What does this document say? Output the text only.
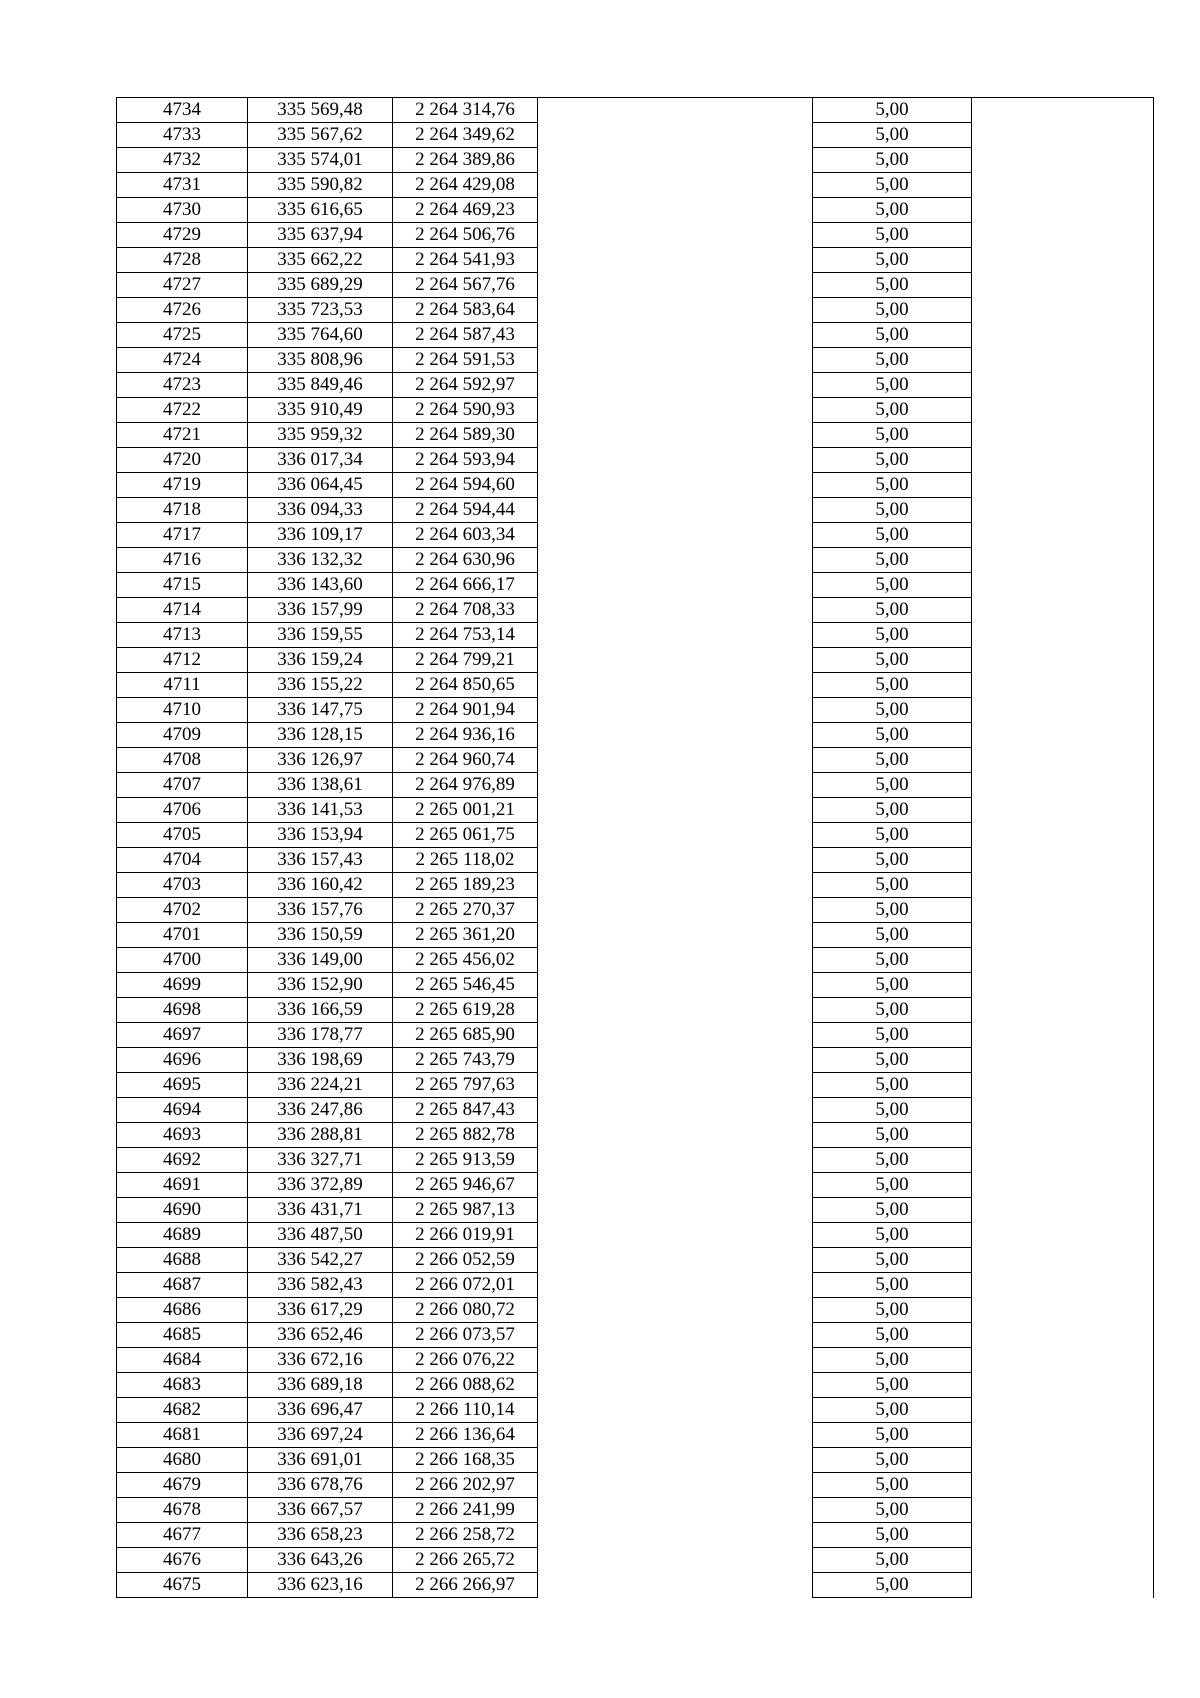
4734	335 569,48	2 264 314,76		5,00	
4733	335 567,62	2 264 349,62		5,00	
4732	335 574,01	2 264 389,86		5,00	
4731	335 590,82	2 264 429,08		5,00	
4730	335 616,65	2 264 469,23		5,00	
4729	335 637,94	2 264 506,76		5,00	
4728	335 662,22	2 264 541,93		5,00	
4727	335 689,29	2 264 567,76		5,00	
4726	335 723,53	2 264 583,64		5,00	
4725	335 764,60	2 264 587,43		5,00	
4724	335 808,96	2 264 591,53		5,00	
4723	335 849,46	2 264 592,97		5,00	
4722	335 910,49	2 264 590,93		5,00	
4721	335 959,32	2 264 589,30		5,00	
4720	336 017,34	2 264 593,94		5,00	
4719	336 064,45	2 264 594,60		5,00	
4718	336 094,33	2 264 594,44		5,00	
4717	336 109,17	2 264 603,34		5,00	
4716	336 132,32	2 264 630,96		5,00	
4715	336 143,60	2 264 666,17		5,00	
4714	336 157,99	2 264 708,33		5,00	
4713	336 159,55	2 264 753,14		5,00	
4712	336 159,24	2 264 799,21		5,00	
4711	336 155,22	2 264 850,65		5,00	
4710	336 147,75	2 264 901,94		5,00	
4709	336 128,15	2 264 936,16		5,00	
4708	336 126,97	2 264 960,74		5,00	
4707	336 138,61	2 264 976,89		5,00	
4706	336 141,53	2 265 001,21		5,00	
4705	336 153,94	2 265 061,75		5,00	
4704	336 157,43	2 265 118,02		5,00	
4703	336 160,42	2 265 189,23		5,00	
4702	336 157,76	2 265 270,37		5,00	
4701	336 150,59	2 265 361,20		5,00	
4700	336 149,00	2 265 456,02		5,00	
4699	336 152,90	2 265 546,45		5,00	
4698	336 166,59	2 265 619,28		5,00	
4697	336 178,77	2 265 685,90		5,00	
4696	336 198,69	2 265 743,79		5,00	
4695	336 224,21	2 265 797,63		5,00	
4694	336 247,86	2 265 847,43		5,00	
4693	336 288,81	2 265 882,78		5,00	
4692	336 327,71	2 265 913,59		5,00	
4691	336 372,89	2 265 946,67		5,00	
4690	336 431,71	2 265 987,13		5,00	
4689	336 487,50	2 266 019,91		5,00	
4688	336 542,27	2 266 052,59		5,00	
4687	336 582,43	2 266 072,01		5,00	
4686	336 617,29	2 266 080,72		5,00	
4685	336 652,46	2 266 073,57		5,00	
4684	336 672,16	2 266 076,22		5,00	
4683	336 689,18	2 266 088,62		5,00	
4682	336 696,47	2 266 110,14		5,00	
4681	336 697,24	2 266 136,64		5,00	
4680	336 691,01	2 266 168,35		5,00	
4679	336 678,76	2 266 202,97		5,00	
4678	336 667,57	2 266 241,99		5,00	
4677	336 658,23	2 266 258,72		5,00	
4676	336 643,26	2 266 265,72		5,00	
4675	336 623,16	2 266 266,97		5,00	
